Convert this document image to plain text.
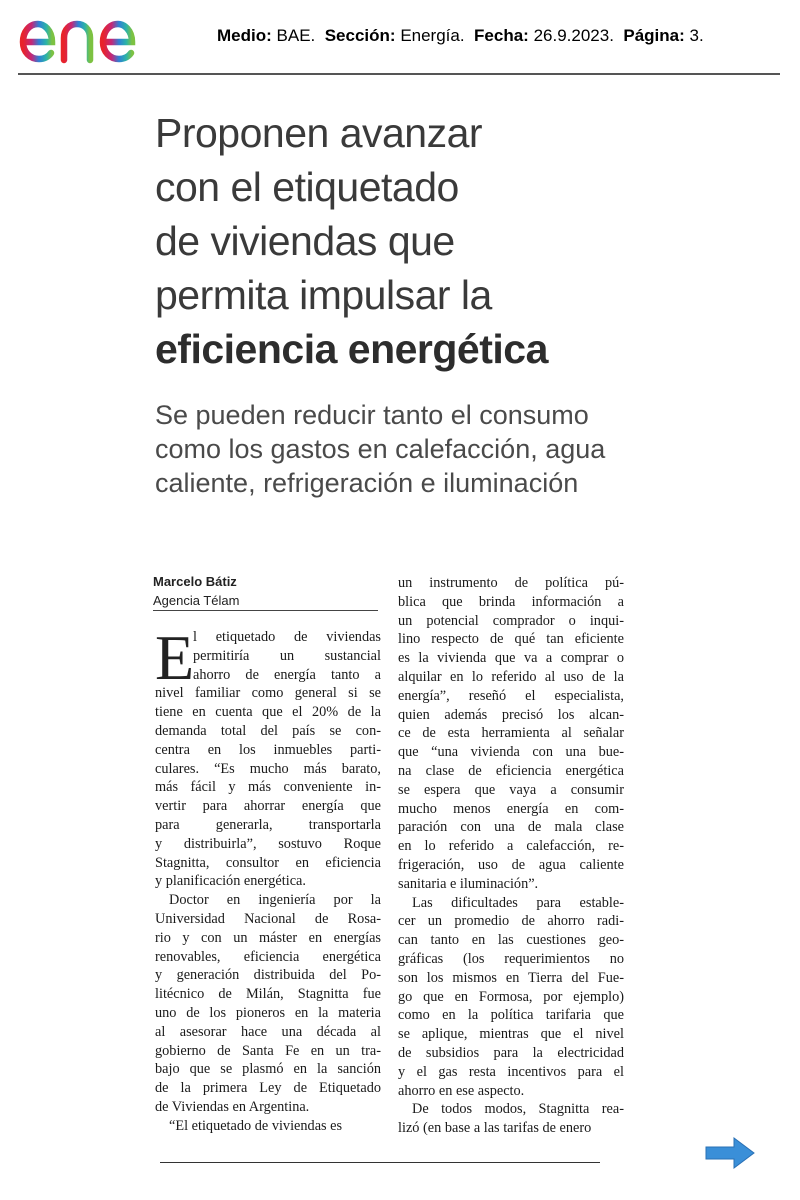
Medio: BAE. Sección: Energía. Fecha: 26.9.2023. Página: 3.
Proponen avanzar
con el etiquetado
de viviendas que
permita impulsar la
eficiencia energética
Se pueden reducir tanto el consumo
como los gastos en calefacción, agua
caliente, refrigeración e iluminación
Marcelo Bátiz
Agencia Télam
E
l etiquetado de viviendas
permitiría un sustancial
ahorro de energía tanto a
nivel familiar como general si se
tiene en cuenta que el 20% de la
demanda total del país se con-
centra en los inmuebles parti-
culares. “Es mucho más barato,
más fácil y más conveniente in-
vertir para ahorrar energía que
para generarla, transportarla
y distribuirla”, sostuvo Roque
Stagnitta, consultor en eficiencia
y planificación energética.
Doctor en ingeniería por la
Universidad Nacional de Rosa-
rio y con un máster en energías
renovables, eficiencia energética
y generación distribuida del Po-
litécnico de Milán, Stagnitta fue
uno de los pioneros en la materia
al asesorar hace una década al
gobierno de Santa Fe en un tra-
bajo que se plasmó en la sanción
de la primera Ley de Etiquetado
de Viviendas en Argentina.
“El etiquetado de viviendas es
un instrumento de política pú-
blica que brinda información a
un potencial comprador o inqui-
lino respecto de qué tan eficiente
es la vivienda que va a comprar o
alquilar en lo referido al uso de la
energía”, reseñó el especialista,
quien además precisó los alcan-
ce de esta herramienta al señalar
que “una vivienda con una bue-
na clase de eficiencia energética
se espera que vaya a consumir
mucho menos energía en com-
paración con una de mala clase
en lo referido a calefacción, re-
frigeración, uso de agua caliente
sanitaria e iluminación”.
Las dificultades para estable-
cer un promedio de ahorro radi-
can tanto en las cuestiones geo-
gráficas (los requerimientos no
son los mismos en Tierra del Fue-
go que en Formosa, por ejemplo)
como en la política tarifaria que
se aplique, mientras que el nivel
de subsidios para la electricidad
y el gas resta incentivos para el
ahorro en ese aspecto.
De todos modos, Stagnitta rea-
lizó (en base a las tarifas de enero
